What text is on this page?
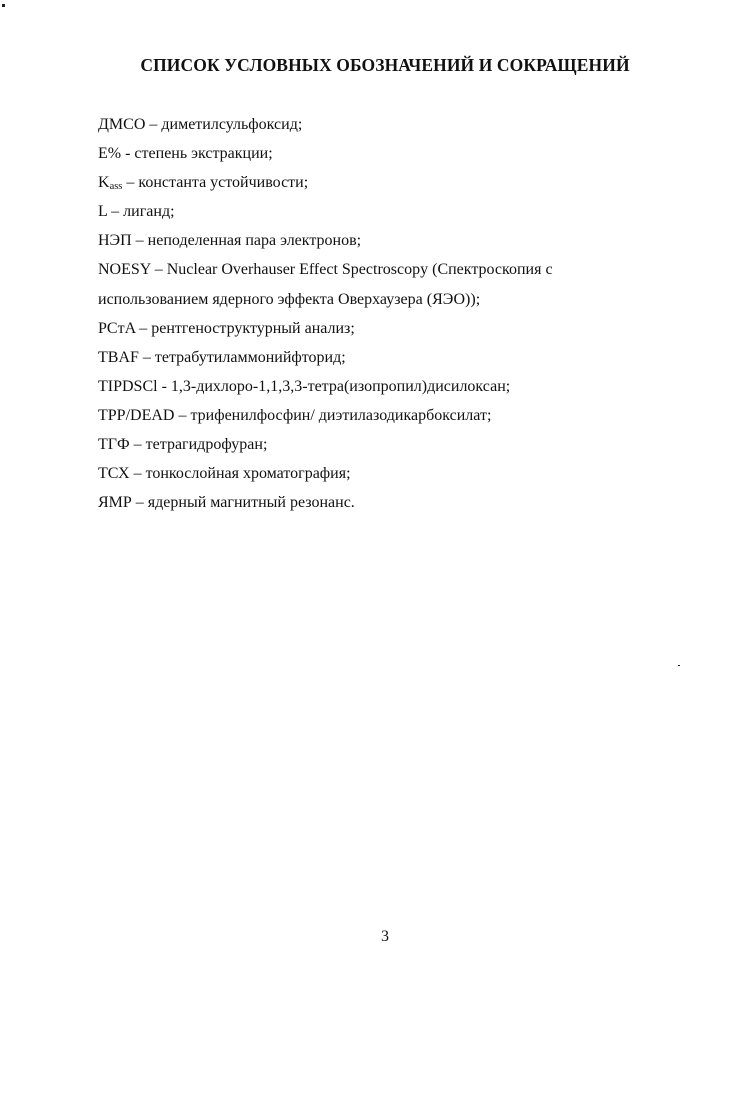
СПИСОК УСЛОВНЫХ ОБОЗНАЧЕНИЙ И СОКРАЩЕНИЙ
ДМСО – диметилсульфоксид;
Е% - степень экстракции;
$K_{ass}$ – константа устойчивости;
L – лиганд;
НЭП – неподеленная пара электронов;
NOESY – Nuclear Overhauser Effect Spectroscopy (Спектроскопия с
использованием ядерного эффекта Оверхаузера (ЯЭО));
PCтA – рентгеноструктурный анализ;
TBAF – тетрабутиламмонийфторид;
TIPDSCl - 1,3-дихлоро-1,1,3,3-тетра(изопропил)дисилоксан;
TPP/DEAD – трифенилфосфин/ диэтилазодикарбоксилат;
ТГФ – тетрагидрофуран;
ТСХ – тонкослойная хроматография;
ЯМР – ядерный магнитный резонанс.
3
